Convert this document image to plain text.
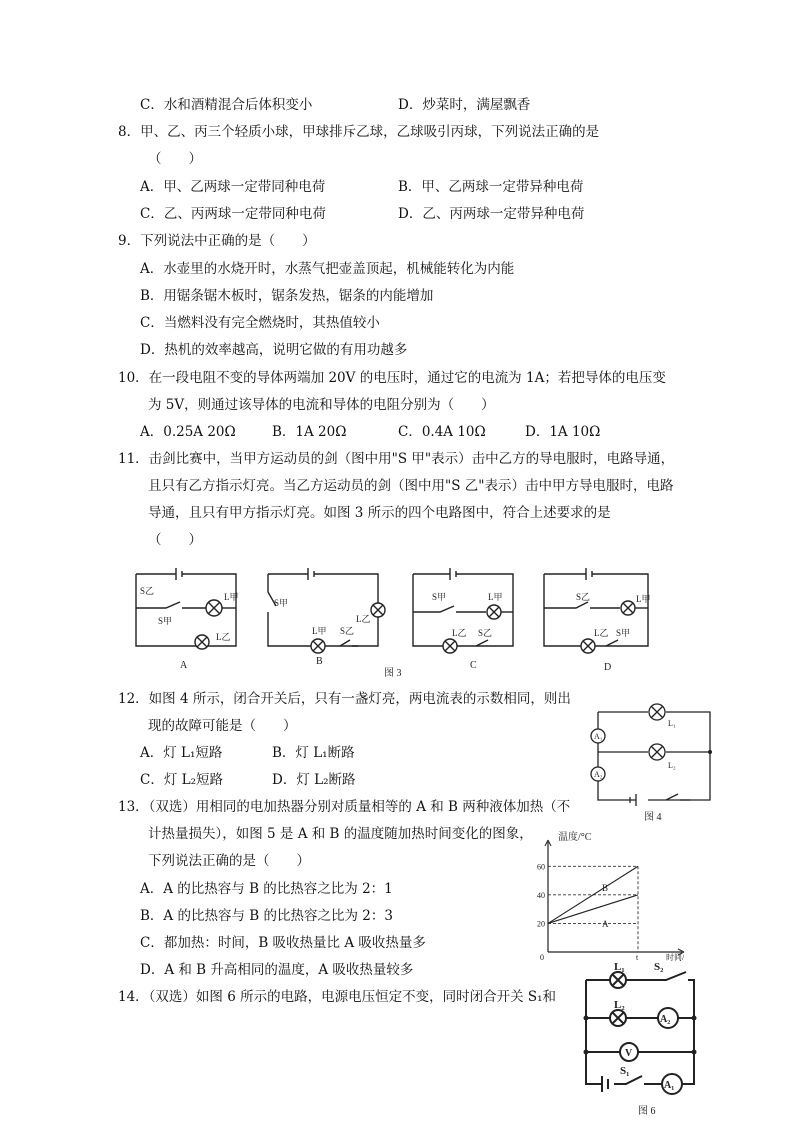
C．水和酒精混合后体积变小	D．炒菜时，满屋飘香
8．甲、乙、丙三个轻质小球，甲球排斥乙球，乙球吸引丙球，下列说法正确的是
（　　）
A．甲、乙两球一定带同种电荷	B．甲、乙两球一定带异种电荷
C．乙、丙两球一定带同种电荷	D．乙、丙两球一定带异种电荷
9．下列说法中正确的是（　　）
A．水壶里的水烧开时，水蒸气把壶盖顶起，机械能转化为内能
B．用锯条锯木板时，锯条发热，锯条的内能增加
C．当燃料没有完全燃烧时，其热值较小
D．热机的效率越高，说明它做的有用功越多
10．在一段电阻不变的导体两端加 20V 的电压时，通过它的电流为 1A；若把导体的电压变
为 5V，则通过该导体的电流和导体的电阻分别为（　　）
A．0.25A 20Ω	B．1A 20Ω	C．0.4A 10Ω	D．1A 10Ω
11．击剑比赛中，当甲方运动员的剑（图中用"S 甲"表示）击中乙方的导电服时，电路导通，
且只有乙方指示灯亮。当乙方运动员的剑（图中用"S 乙"表示）击中甲方导电服时，电路
导通，且只有甲方指示灯亮。如图 3 所示的四个电路图中，符合上述要求的是
（　　）
S乙
S甲
L甲
L乙
S甲
L甲 S乙
L乙
S甲	L甲
L乙 S乙
S乙	L甲
L乙 S甲
A	B	C	D
图 3
12．如图 4 所示，闭合开关后，只有一盏灯亮，两电流表的示数相同，则出
现的故障可能是（　　）
A．灯 L₁短路	B．灯 L₁断路
C．灯 L₂短路	D．灯 L₂断路
A₁
A₂
L₁
L₂
图 4
13．（双选）用相同的电加热器分别对质量相等的 A 和 B 两种液体加热（不
计热量损失），如图 5 是 A 和 B 的温度随加热时间变化的图象，
下列说法正确的是（　　）
A．A 的比热容与 B 的比热容之比为 2：1
B．A 的比热容与 B 的比热容之比为 2：3
C．都加热：时间，B 吸收热量比 A 吸收热量多
D．A 和 B 升高相同的温度，A 吸收热量较多
温度/°C
时间/
20
40
60
0	t
B
A
14．（双选）如图 6 所示的电路，电源电压恒定不变，同时闭合开关 S₁和
L₁
L₂
S₂
A₂
V
S₁
A₁
图 6
